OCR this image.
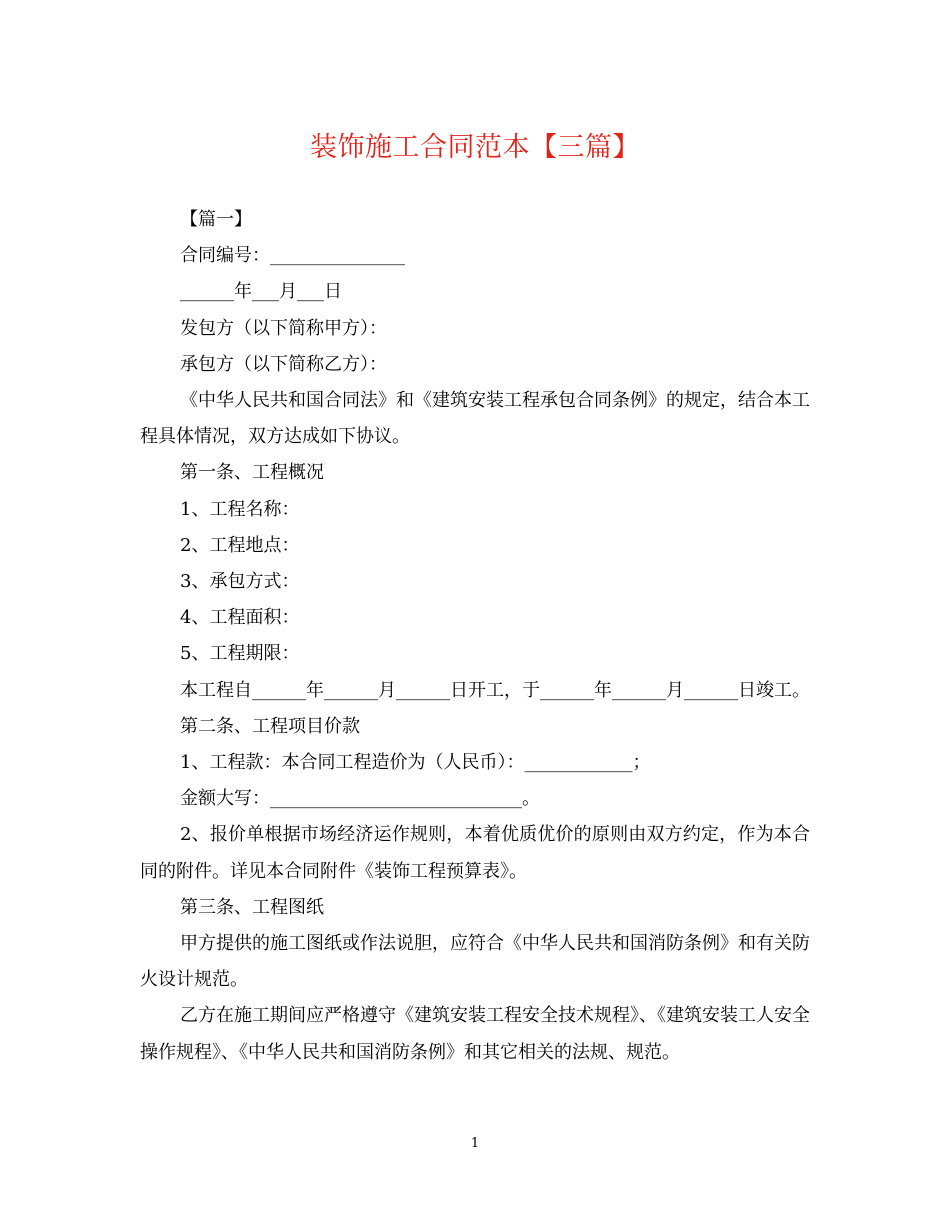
装饰施工合同范本【三篇】

【篇一】

合同编号：_______________

______年___月___日

发包方（以下简称甲方）：

承包方（以下简称乙方）：

《中华人民共和国合同法》和《建筑安装工程承包合同条例》的规定，结合本工程具体情况，双方达成如下协议。

第一条、工程概况

1、工程名称：

2、工程地点：

3、承包方式：

4、工程面积：

5、工程期限：

本工程自______年______月______日开工，于______年______月______日竣工。

第二条、工程项目价款

1、工程款：本合同工程造价为（人民币）：____________；

金额大写：____________________________。

2、报价单根据市场经济运作规则，本着优质优价的原则由双方约定，作为本合同的附件。详见本合同附件《装饰工程预算表》。

第三条、工程图纸

甲方提供的施工图纸或作法说胆，应符合《中华人民共和国消防条例》和有关防火设计规范。

乙方在施工期间应严格遵守《建筑安装工程安全技术规程》、《建筑安装工人安全操作规程》、《中华人民共和国消防条例》和其它相关的法规、规范。

1
